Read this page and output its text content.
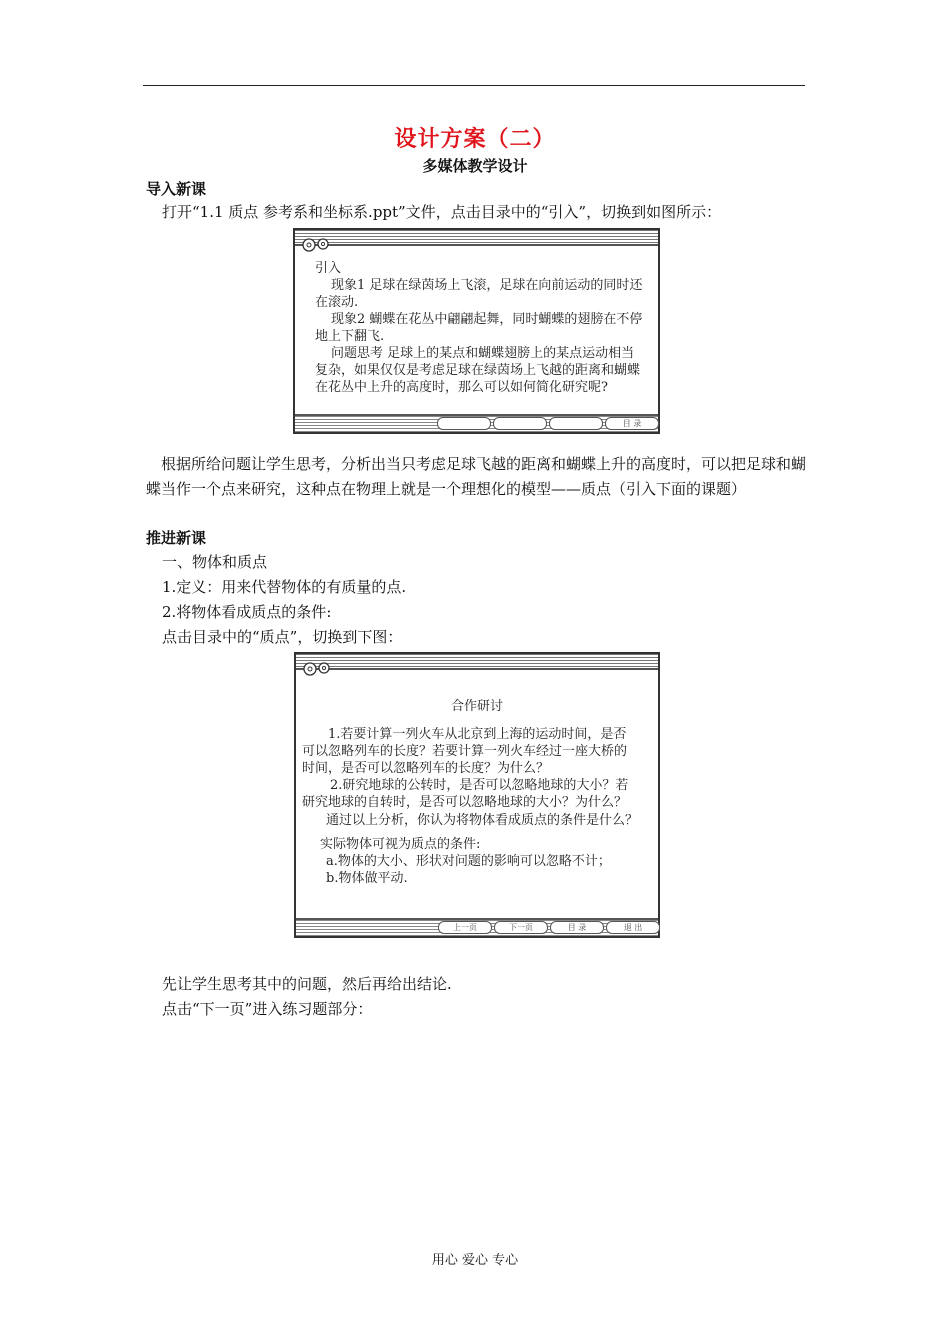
设计方案（二）
多媒体教学设计
导入新课
打开“1.1 质点 参考系和坐标系.ppt”文件，点击目录中的“引入”，切换到如图所示：
引入
现象1 足球在绿茵场上飞滚，足球在向前运动的同时还
在滚动.
现象2 蝴蝶在花丛中翩翩起舞，同时蝴蝶的翅膀在不停
地上下翻飞.
问题思考 足球上的某点和蝴蝶翅膀上的某点运动相当
复杂，如果仅仅是考虑足球在绿茵场上飞越的距离和蝴蝶
在花丛中上升的高度时，那么可以如何简化研究呢?
目 录
根据所给问题让学生思考，分析出当只考虑足球飞越的距离和蝴蝶上升的高度时，可以把足球和蝴蝶当作一个点来研究，这种点在物理上就是一个理想化的模型——质点（引入下面的课题）
推进新课
一、物体和质点
1.定义：用来代替物体的有质量的点.
2.将物体看成质点的条件:
点击目录中的“质点”，切换到下图：
合作研讨
1.若要计算一列火车从北京到上海的运动时间，是否
可以忽略列车的长度？若要计算一列火车经过一座大桥的
时间，是否可以忽略列车的长度？为什么？
2.研究地球的公转时，是否可以忽略地球的大小？若
研究地球的自转时，是否可以忽略地球的大小？为什么？
通过以上分析，你认为将物体看成质点的条件是什么？
实际物体可视为质点的条件:
a.物体的大小、形状对问题的影响可以忽略不计；
b.物体做平动.
上一页	下一页	目 录	退 出
先让学生思考其中的问题，然后再给出结论.
点击“下一页”进入练习题部分：
用心 爱心 专心
